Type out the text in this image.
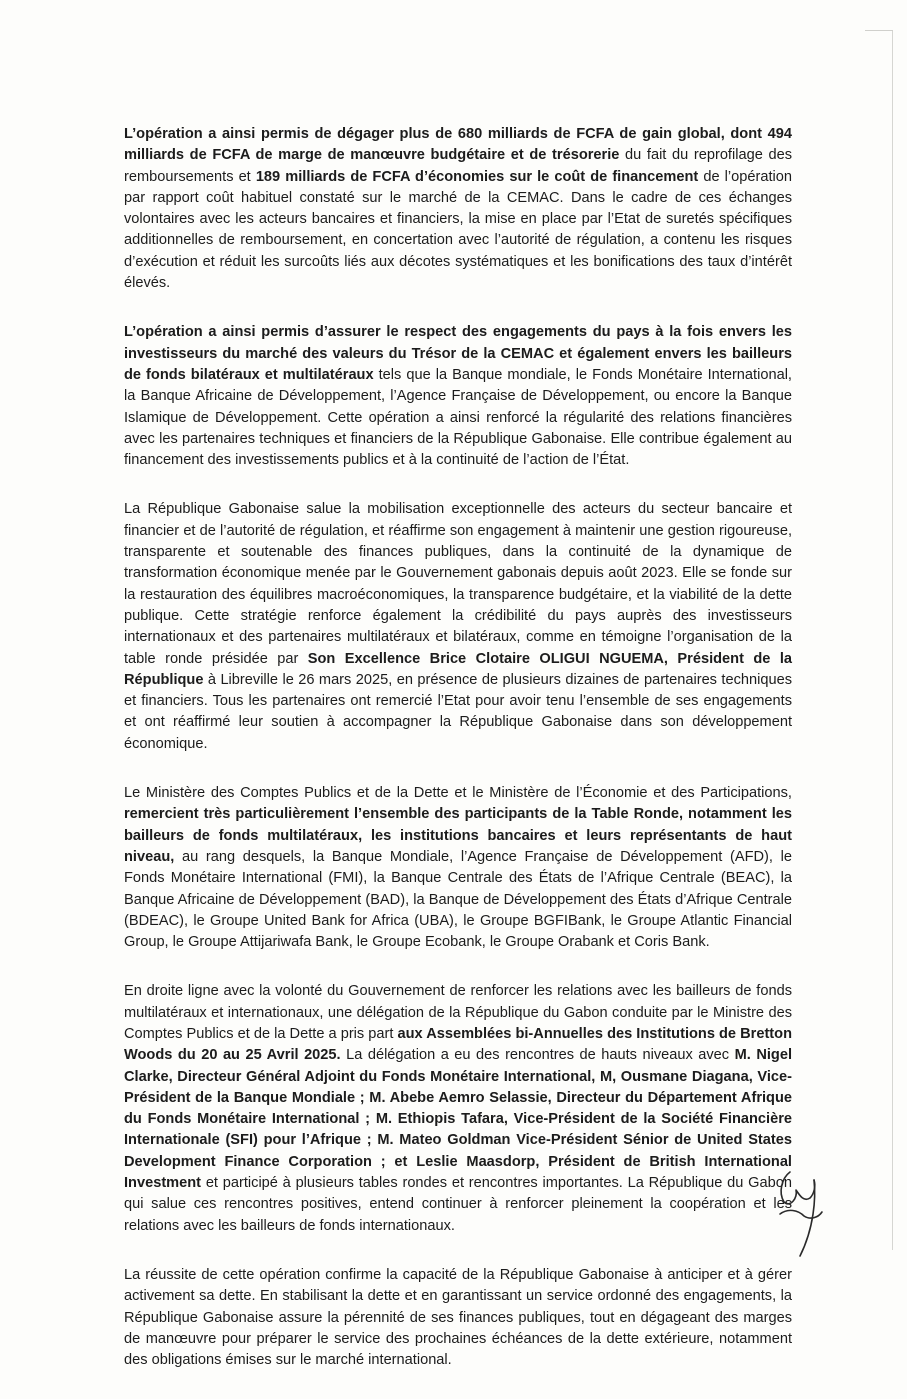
L’opération a ainsi permis de dégager plus de 680 milliards de FCFA de gain global, dont 494 milliards de FCFA de marge de manœuvre budgétaire et de trésorerie du fait du reprofilage des remboursements et 189 milliards de FCFA d’économies sur le coût de financement de l’opération par rapport coût habituel constaté sur le marché de la CEMAC. Dans le cadre de ces échanges volontaires avec les acteurs bancaires et financiers, la mise en place par l’Etat de suretés spécifiques additionnelles de remboursement, en concertation avec l’autorité de régulation, a contenu les risques d’exécution et réduit les surcoûts liés aux décotes systématiques et les bonifications des taux d’intérêt élevés.

L’opération a ainsi permis d’assurer le respect des engagements du pays à la fois envers les investisseurs du marché des valeurs du Trésor de la CEMAC et également envers les bailleurs de fonds bilatéraux et multilatéraux tels que la Banque mondiale, le Fonds Monétaire International, la Banque Africaine de Développement, l’Agence Française de Développement, ou encore la Banque Islamique de Développement. Cette opération a ainsi renforcé la régularité des relations financières avec les partenaires techniques et financiers de la République Gabonaise. Elle contribue également au financement des investissements publics et à la continuité de l’action de l’État.

La République Gabonaise salue la mobilisation exceptionnelle des acteurs du secteur bancaire et financier et de l’autorité de régulation, et réaffirme son engagement à maintenir une gestion rigoureuse, transparente et soutenable des finances publiques, dans la continuité de la dynamique de transformation économique menée par le Gouvernement gabonais depuis août 2023. Elle se fonde sur la restauration des équilibres macroéconomiques, la transparence budgétaire, et la viabilité de la dette publique. Cette stratégie renforce également la crédibilité du pays auprès des investisseurs internationaux et des partenaires multilatéraux et bilatéraux, comme en témoigne l’organisation de la table ronde présidée par Son Excellence Brice Clotaire OLIGUI NGUEMA, Président de la République à Libreville le 26 mars 2025, en présence de plusieurs dizaines de partenaires techniques et financiers. Tous les partenaires ont remercié l’Etat pour avoir tenu l’ensemble de ses engagements et ont réaffirmé leur soutien à accompagner la République Gabonaise dans son développement économique.

Le Ministère des Comptes Publics et de la Dette et le Ministère de l’Économie et des Participations, remercient très particulièrement l’ensemble des participants de la Table Ronde, notamment les bailleurs de fonds multilatéraux, les institutions bancaires et leurs représentants de haut niveau, au rang desquels, la Banque Mondiale, l’Agence Française de Développement (AFD), le Fonds Monétaire International (FMI), la Banque Centrale des États de l’Afrique Centrale (BEAC), la Banque Africaine de Développement (BAD), la Banque de Développement des États d’Afrique Centrale (BDEAC), le Groupe United Bank for Africa (UBA), le Groupe BGFIBank, le Groupe Atlantic Financial Group, le Groupe Attijariwafa Bank, le Groupe Ecobank, le Groupe Orabank et Coris Bank.

En droite ligne avec la volonté du Gouvernement de renforcer les relations avec les bailleurs de fonds multilatéraux et internationaux, une délégation de la République du Gabon conduite par le Ministre des Comptes Publics et de la Dette a pris part aux Assemblées bi-Annuelles des Institutions de Bretton Woods du 20 au 25 Avril 2025. La délégation a eu des rencontres de hauts niveaux avec M. Nigel Clarke, Directeur Général Adjoint du Fonds Monétaire International, M, Ousmane Diagana, Vice-Président de la Banque Mondiale ; M. Abebe Aemro Selassie, Directeur du Département Afrique du Fonds Monétaire International ; M. Ethiopis Tafara, Vice-Président de la Société Financière Internationale (SFI) pour l’Afrique ; M. Mateo Goldman Vice-Président Sénior de United States Development Finance Corporation ; et Leslie Maasdorp, Président de British International Investment et participé à plusieurs tables rondes et rencontres importantes. La République du Gabon qui salue ces rencontres positives, entend continuer à renforcer pleinement la coopération et les relations avec les bailleurs de fonds internationaux.

La réussite de cette opération confirme la capacité de la République Gabonaise à anticiper et à gérer activement sa dette. En stabilisant la dette et en garantissant un service ordonné des engagements, la République Gabonaise assure la pérennité de ses finances publiques, tout en dégageant des marges de manœuvre pour préparer le service des prochaines échéances de la dette extérieure, notamment des obligations émises sur le marché international.
